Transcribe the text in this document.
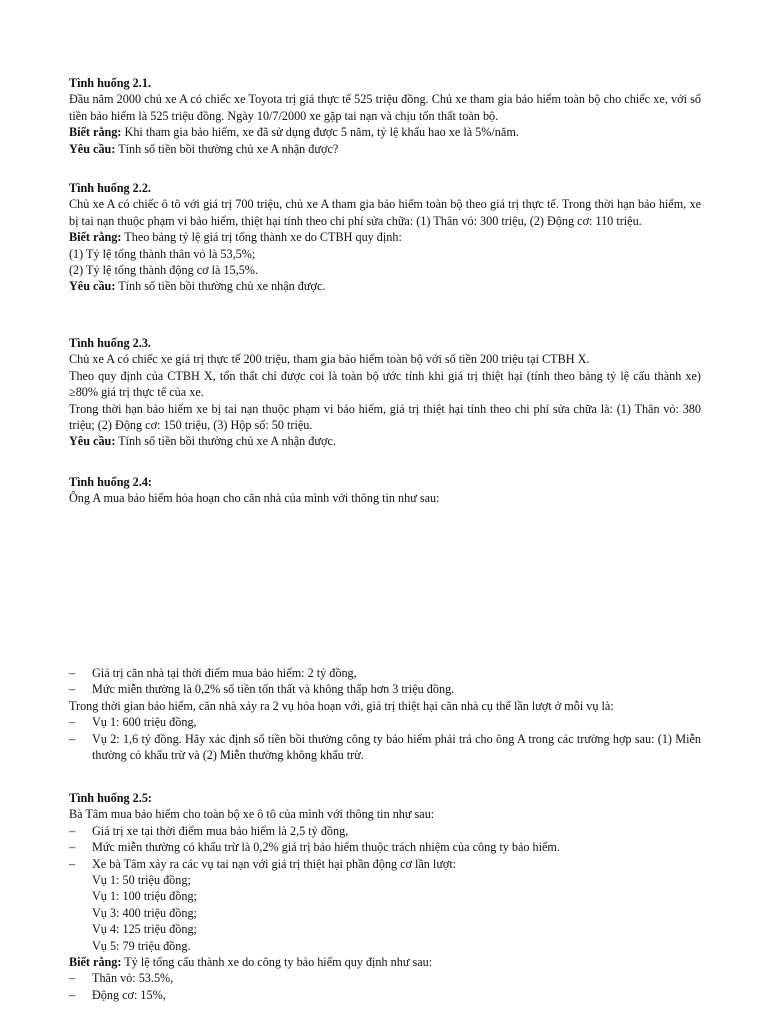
Tình huống 2.1.

Đầu năm 2000 chủ xe A có chiếc xe Toyota trị giá thực tế 525 triệu đồng. Chủ xe tham gia bảo hiểm toàn bộ cho chiếc xe, với số tiền bảo hiểm là 525 triệu đồng. Ngày 10/7/2000 xe gặp tai nạn và chịu tổn thất toàn bộ.

Biết rằng: Khi tham gia bảo hiểm, xe đã sử dụng được 5 năm, tỷ lệ khấu hao xe là 5%/năm.

Yêu cầu: Tính số tiền bồi thường chủ xe A nhận được?

Tình huống 2.2.

Chủ xe A có chiếc ô tô với giá trị 700 triệu, chủ xe A tham gia bảo hiểm toàn bộ theo giá trị thực tế. Trong thời hạn bảo hiểm, xe bị tai nạn thuộc phạm vi bảo hiểm, thiệt hại tính theo chi phí sửa chữa: (1) Thân vỏ: 300 triệu, (2) Động cơ: 110 triệu.

Biết rằng: Theo bảng tỷ lệ giá trị tổng thành xe do CTBH quy định:

(1) Tỷ lệ tổng thành thân vỏ là 53,5%;

(2) Tỷ lệ tổng thành động cơ là 15,5%.

Yêu cầu: Tính số tiền bồi thường chủ xe nhận được.

Tình huống 2.3.

Chủ xe A có chiếc xe giá trị thực tế 200 triệu, tham gia bảo hiểm toàn bộ với số tiền 200 triệu tại CTBH X.

Theo quy định của CTBH X, tổn thất chỉ được coi là toàn bộ ước tính khi giá trị thiệt hại (tính theo bảng tỷ lệ cấu thành xe) ≥80% giá trị thực tế của xe.

Trong thời hạn bảo hiểm xe bị tai nạn thuộc phạm vi bảo hiểm, giá trị thiệt hại tính theo chi phí sửa chữa là: (1) Thân vỏ: 380 triệu; (2) Động cơ: 150 triệu, (3) Hộp số: 50 triệu.

Yêu cầu: Tính số tiền bồi thường chủ xe A nhận được.

Tình huống 2.4:

Ông A mua bảo hiểm hỏa hoạn cho căn nhà của mình với thông tin như sau:

– Giá trị căn nhà tại thời điểm mua bảo hiểm: 2 tỷ đồng,

– Mức miễn thường là 0,2% số tiền tổn thất và không thấp hơn 3 triệu đồng.

Trong thời gian bảo hiểm, căn nhà xảy ra 2 vụ hỏa hoạn với, giá trị thiệt hại căn nhà cụ thể lần lượt ở mỗi vụ là:

– Vụ 1: 600 triệu đồng,

– Vụ 2: 1,6 tỷ đồng. Hãy xác định số tiền bồi thường công ty bảo hiểm phải trả cho ông A trong các trường hợp sau: (1) Miễn thường có khấu trừ và (2) Miễn thường không khấu trừ.

Tình huống 2.5:

Bà Tâm mua bảo hiểm cho toàn bộ xe ô tô của mình với thông tin như sau:

– Giá trị xe tại thời điểm mua bảo hiểm là 2,5 tỷ đồng,

– Mức miễn thường có khấu trừ là 0,2% giá trị bảo hiểm thuộc trách nhiệm của công ty bảo hiểm.

– Xe bà Tâm xảy ra các vụ tai nạn với giá trị thiệt hại phần động cơ lần lượt:

Vụ 1: 50 triệu đồng;

Vụ 1: 100 triệu đồng;

Vụ 3: 400 triệu đồng;

Vụ 4: 125 triệu đồng;

Vụ 5: 79 triệu đồng.

Biết rằng: Tỷ lệ tổng cấu thành xe do công ty bảo hiểm quy định như sau:

– Thân vỏ: 53.5%,

– Động cơ: 15%,
